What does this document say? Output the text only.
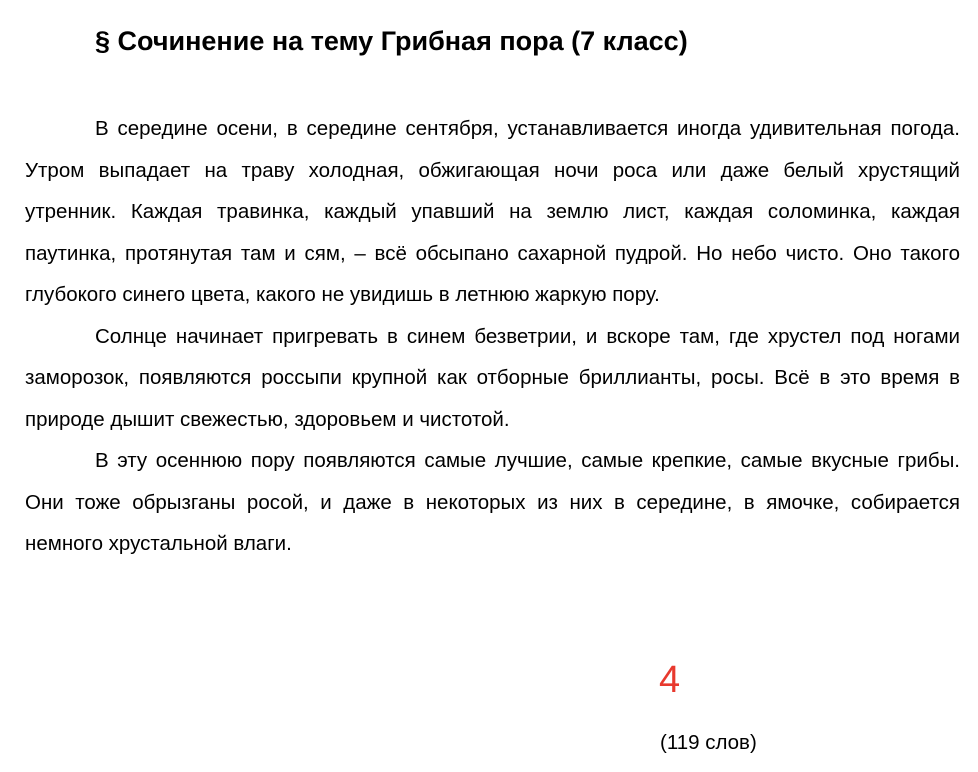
§ Сочинение на тему Грибная пора (7 класс)

В середине осени, в середине сентября, устанавливается иногда удивительная погода. Утром выпадает на траву холодная, обжигающая ночи роса или даже белый хрустящий утренник. Каждая травинка, каждый упавший на землю лист, каждая соломинка, каждая паутинка, протянутая там и сям, – всё обсыпано сахарной пудрой. Но небо чисто. Оно такого глубокого синего цвета, какого не увидишь в летнюю жаркую пору.

Солнце начинает пригревать в синем безветрии, и вскоре там, где хрустел под ногами заморозок, появляются россыпи крупной как отборные бриллианты, росы. Всё в это время в природе дышит свежестью, здоровьем и чистотой.

В эту осеннюю пору появляются самые лучшие, самые крепкие, самые вкусные грибы. Они тоже обрызганы росой, и даже в некоторых из них в середине, в ямочке, собирается немного хрустальной влаги.

4
(119 слов)
